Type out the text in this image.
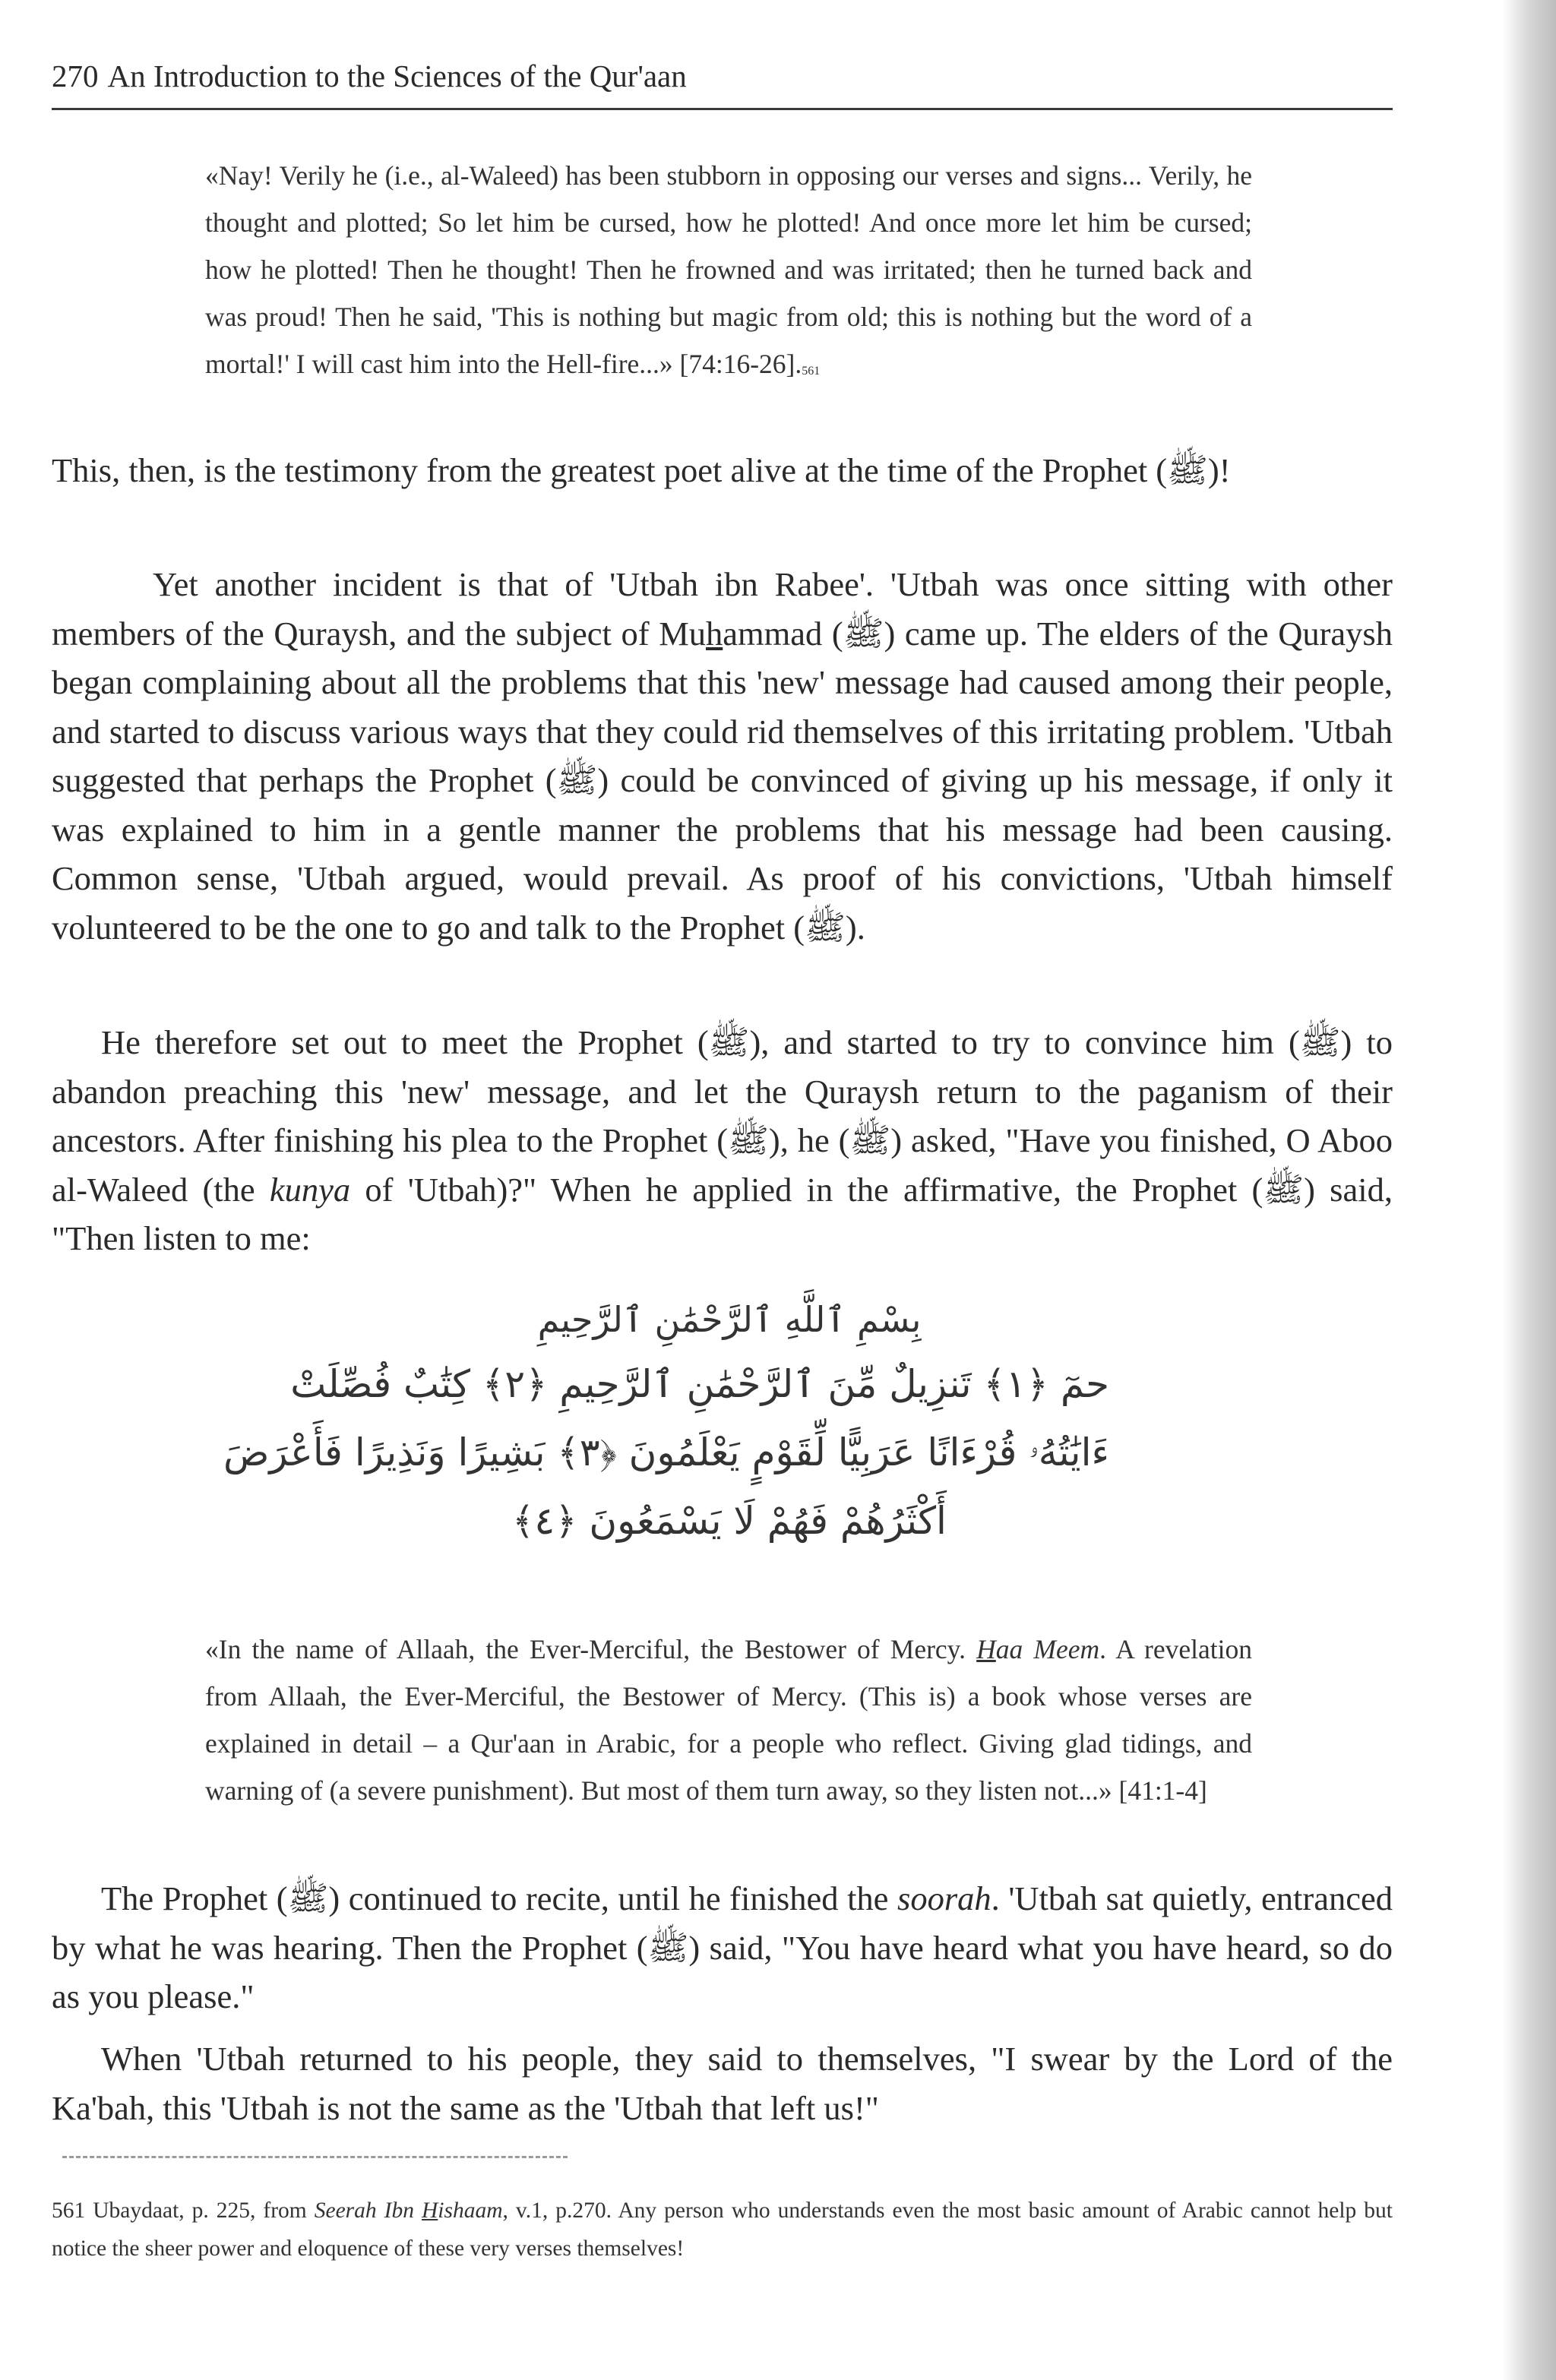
270 An Introduction to the Sciences of the Qur'aan
«Nay! Verily he (i.e., al-Waleed) has been stubborn in opposing our verses and signs... Verily, he thought and plotted; So let him be cursed, how he plotted! And once more let him be cursed; how he plotted! Then he thought! Then he frowned and was irritated; then he turned back and was proud! Then he said, 'This is nothing but magic from old; this is nothing but the word of a mortal!' I will cast him into the Hell-fire...» [74:16-26].$^{561}$

This, then, is the testimony from the greatest poet alive at the time of the Prophet (ﷺ)!

Yet another incident is that of 'Utbah ibn Rabee'. 'Utbah was once sitting with other members of the Quraysh, and the subject of Muhammad (ﷺ) came up. The elders of the Quraysh began complaining about all the problems that this 'new' message had caused among their people, and started to discuss various ways that they could rid themselves of this irritating problem. 'Utbah suggested that perhaps the Prophet (ﷺ) could be convinced of giving up his message, if only it was explained to him in a gentle manner the problems that his message had been causing. Common sense, 'Utbah argued, would prevail. As proof of his convictions, 'Utbah himself volunteered to be the one to go and talk to the Prophet (ﷺ).

He therefore set out to meet the Prophet (ﷺ), and started to try to convince him (ﷺ) to abandon preaching this 'new' message, and let the Quraysh return to the paganism of their ancestors. After finishing his plea to the Prophet (ﷺ), he (ﷺ) asked, "Have you finished, O Aboo al-Waleed (the kunya of 'Utbah)?" When he applied in the affirmative, the Prophet (ﷺ) said, "Then listen to me:

بِسْمِ ٱللَّهِ ٱلرَّحْمَٰنِ ٱلرَّحِيمِ
حمٓ ﴿١﴾ تَنزِيلٌ مِّنَ ٱلرَّحْمَٰنِ ٱلرَّحِيمِ ﴿٢﴾ كِتَٰبٌ فُصِّلَتْ
ءَايَٰتُهُۥ قُرْءَانًا عَرَبِيًّا لِّقَوْمٍ يَعْلَمُونَ ﴿٣﴾ بَشِيرًا وَنَذِيرًا فَأَعْرَضَ
أَكْثَرُهُمْ فَهُمْ لَا يَسْمَعُونَ ﴿٤﴾
«In the name of Allaah, the Ever-Merciful, the Bestower of Mercy. Haa Meem. A revelation from Allaah, the Ever-Merciful, the Bestower of Mercy. (This is) a book whose verses are explained in detail – a Qur'aan in Arabic, for a people who reflect. Giving glad tidings, and warning of (a severe punishment). But most of them turn away, so they listen not...» [41:1-4]

The Prophet (ﷺ) continued to recite, until he finished the soorah. 'Utbah sat quietly, entranced by what he was hearing. Then the Prophet (ﷺ) said, "You have heard what you have heard, so do as you please."

When 'Utbah returned to his people, they said to themselves, "I swear by the Lord of the Ka'bah, this 'Utbah is not the same as the 'Utbah that left us!"

561 Ubaydaat, p. 225, from Seerah Ibn Hishaam, v.1, p.270. Any person who understands even the most basic amount of Arabic cannot help but notice the sheer power and eloquence of these very verses themselves!
